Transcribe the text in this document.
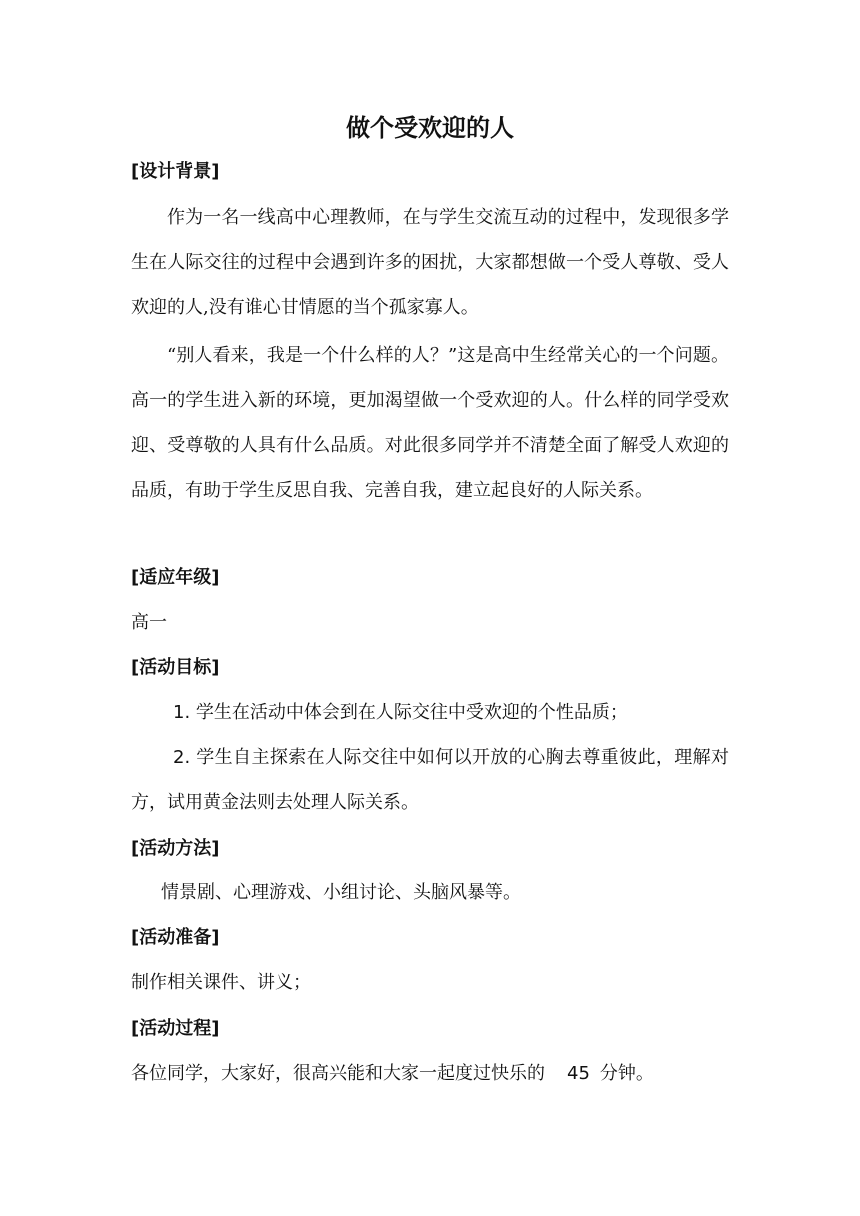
做个受欢迎的人
[设计背景]

作为一名一线高中心理教师，在与学生交流互动的过程中，发现很多学生在人际交往的过程中会遇到许多的困扰，大家都想做一个受人尊敬、受人欢迎的人,没有谁心甘情愿的当个孤家寡人。

“别人看来，我是一个什么样的人？”这是高中生经常关心的一个问题。高一的学生进入新的环境，更加渴望做一个受欢迎的人。什么样的同学受欢迎、受尊敬的人具有什么品质。对此很多同学并不清楚全面了解受人欢迎的品质，有助于学生反思自我、完善自我，建立起良好的人际关系。

[适应年级]

高一

[活动目标]

1. 学生在活动中体会到在人际交往中受欢迎的个性品质；

2. 学生自主探索在人际交往中如何以开放的心胸去尊重彼此，理解对方，试用黄金法则去处理人际关系。

[活动方法]

情景剧、心理游戏、小组讨论、头脑风暴等。

[活动准备]

制作相关课件、讲义；

[活动过程]

各位同学，大家好，很高兴能和大家一起度过快乐的 45 分钟。
